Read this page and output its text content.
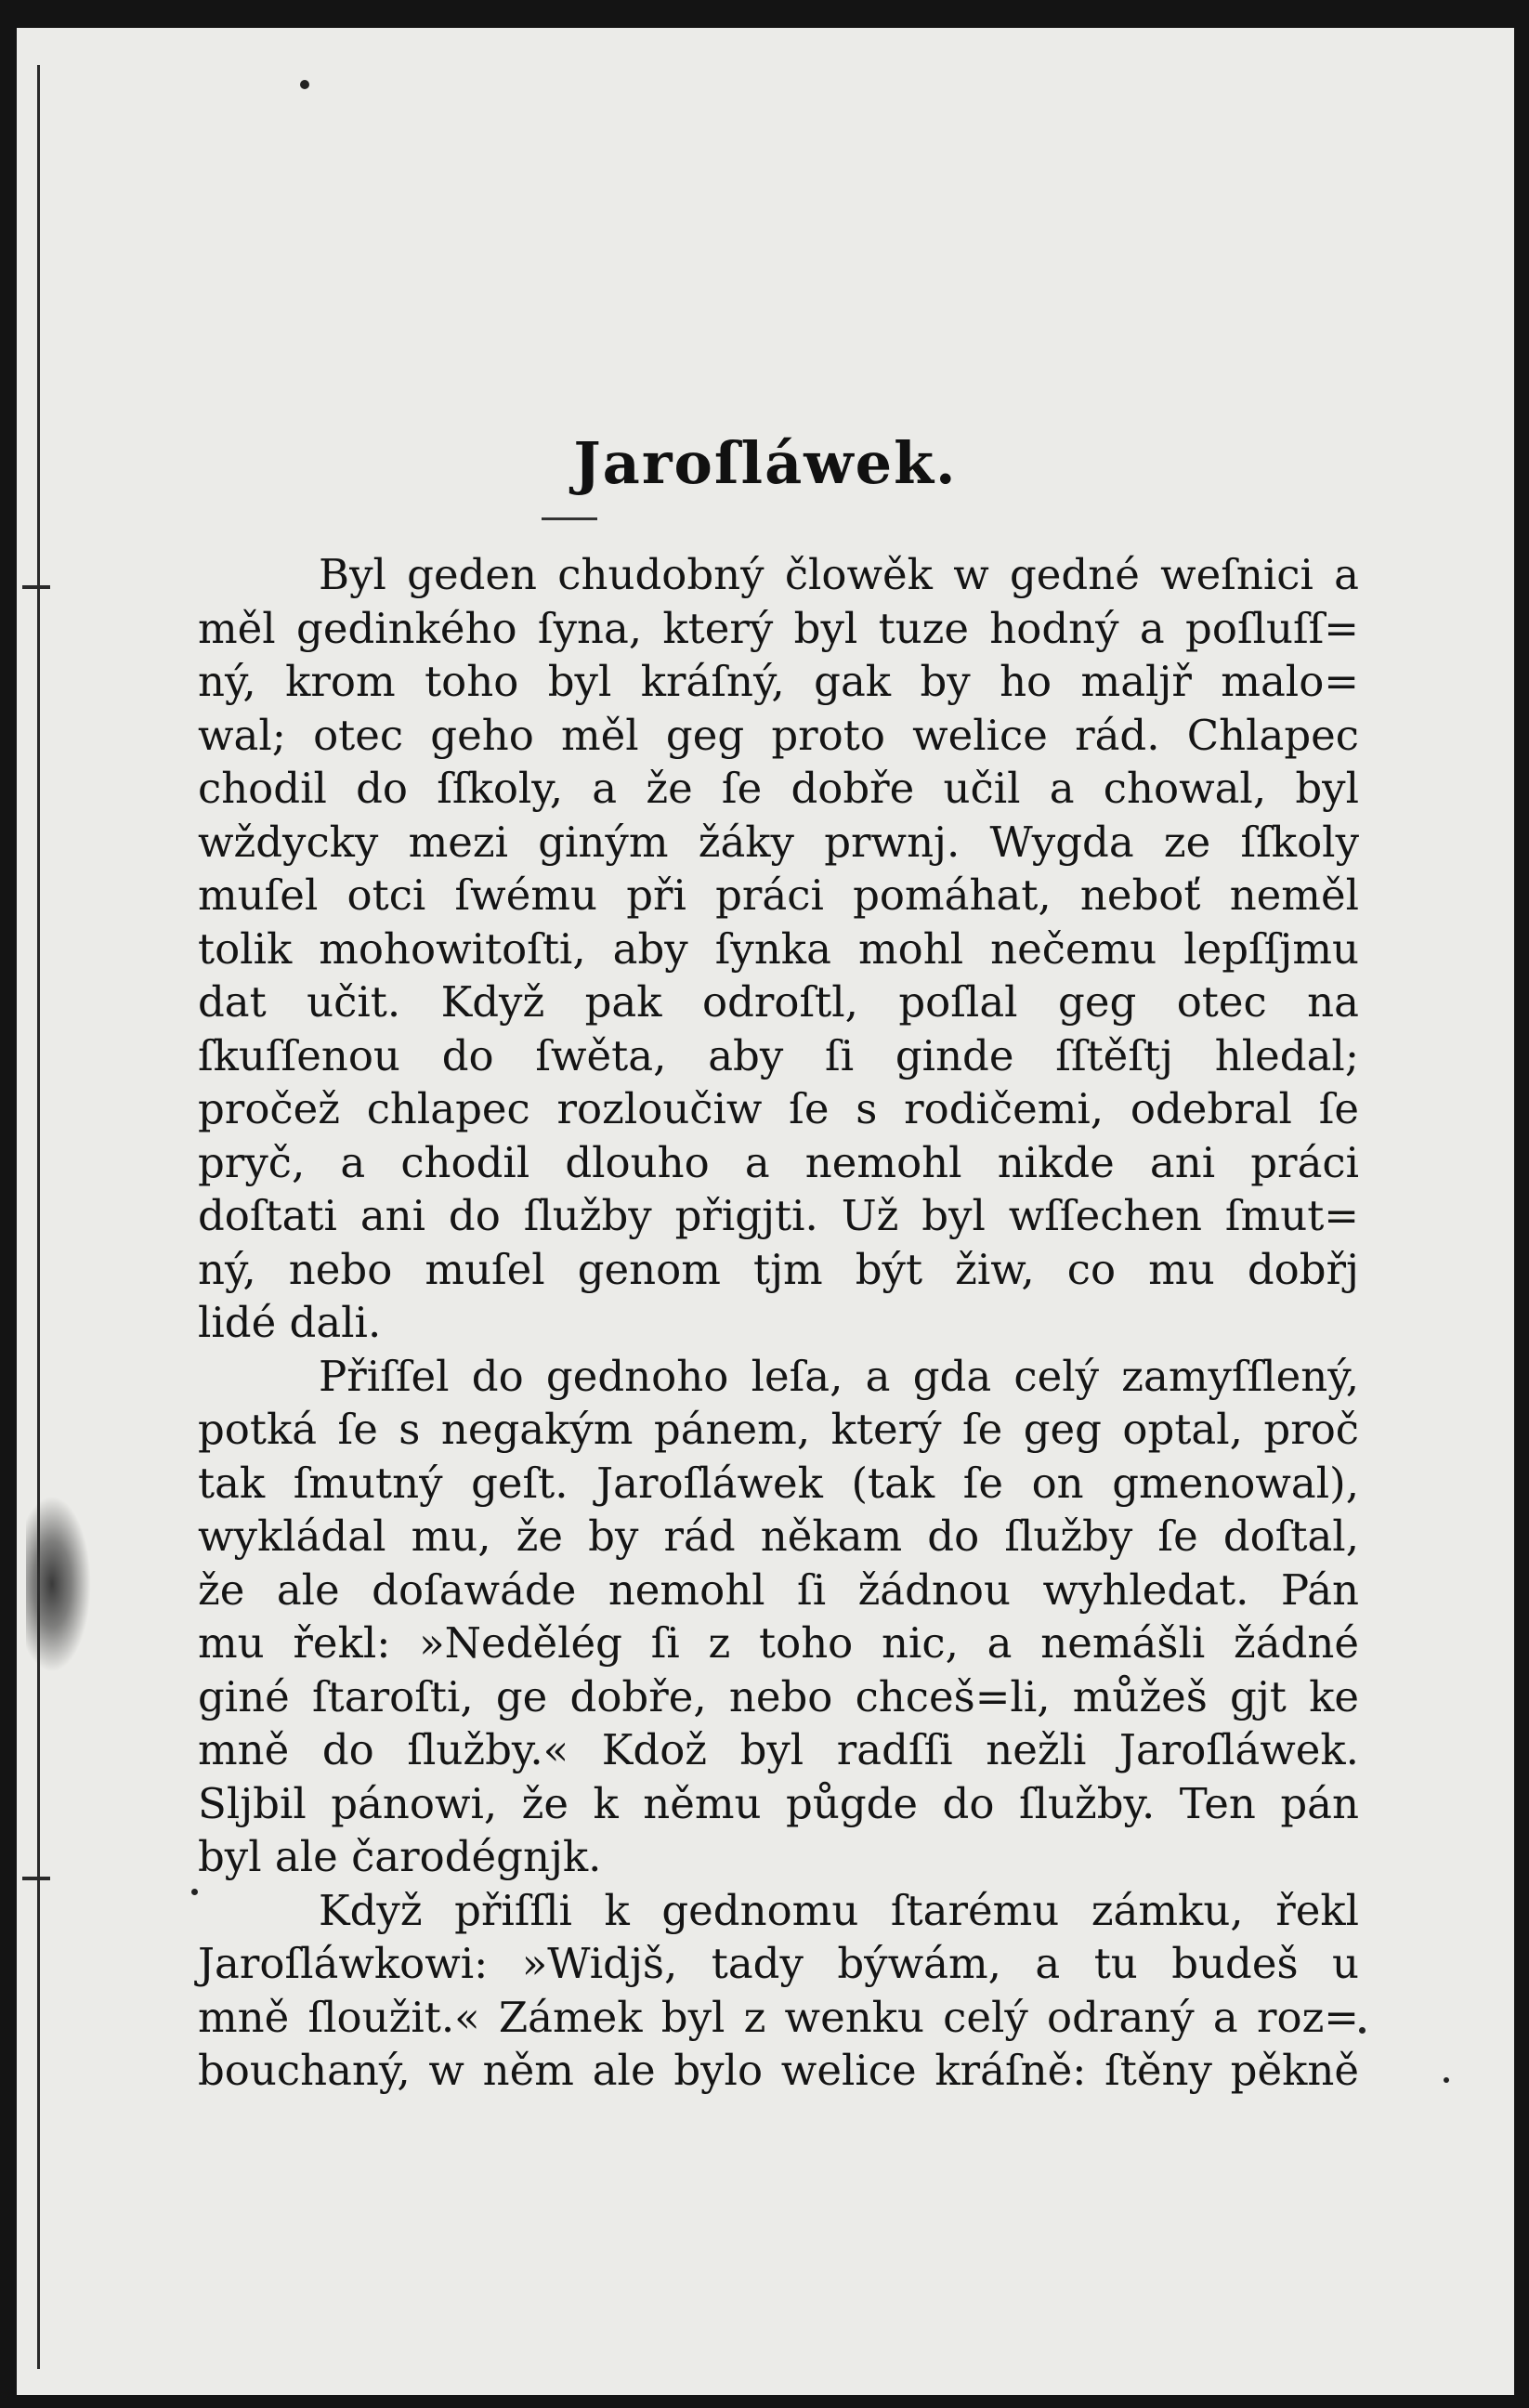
Jaroſláwek.
Byl geden chudobný člowěk w gedné weſnici a
měl gedinkého ſyna, který byl tuze hodný a poſluſſ=
ný, krom toho byl kráſný, gak by ho maljř malo=
wal; otec geho měl geg proto welice rád. Chlapec
chodil do ſſkoly, a že ſe dobře učil a chowal, byl
wždycky mezi giným žáky prwnj. Wygda ze ſſkoly
muſel otci ſwému při práci pomáhat, neboť neměl
tolik mohowitoſti, aby ſynka mohl nečemu lepſſjmu
dat učit. Když pak odroſtl, poſlal geg otec na
ſkuſſenou do ſwěta, aby ſi ginde ſſtěſtj hledal;
pročež chlapec rozloučiw ſe s rodičemi, odebral ſe
pryč, a chodil dlouho a nemohl nikde ani práci
doſtati ani do ſlužby přigjti. Už byl wſſechen ſmut=
ný, nebo muſel genom tjm být žiw, co mu dobřj
lidé dali.
Přiſſel do gednoho leſa, a gda celý zamyſſlený,
potká ſe s negakým pánem, který ſe geg optal, proč
tak ſmutný geſt. Jaroſláwek (tak ſe on gmenowal),
wykládal mu, že by rád někam do ſlužby ſe doſtal,
že ale doſawáde nemohl ſi žádnou wyhledat. Pán
mu řekl: »Nedělég ſi z toho nic, a nemášli žádné
giné ſtaroſti, ge dobře, nebo chceš=li, můžeš gjt ke
mně do ſlužby.« Kdož byl radſſi nežli Jaroſláwek.
Sljbil pánowi, že k němu půgde do ſlužby. Ten pán
byl ale čarodégnjk.
Když přiſſli k gednomu ſtarému zámku, řekl
Jaroſláwkowi: »Widjš, tady býwám, a tu budeš u
mně ſloužit.« Zámek byl z wenku celý odraný a roz=
bouchaný, w něm ale bylo welice kráſně: ſtěny pěkně
